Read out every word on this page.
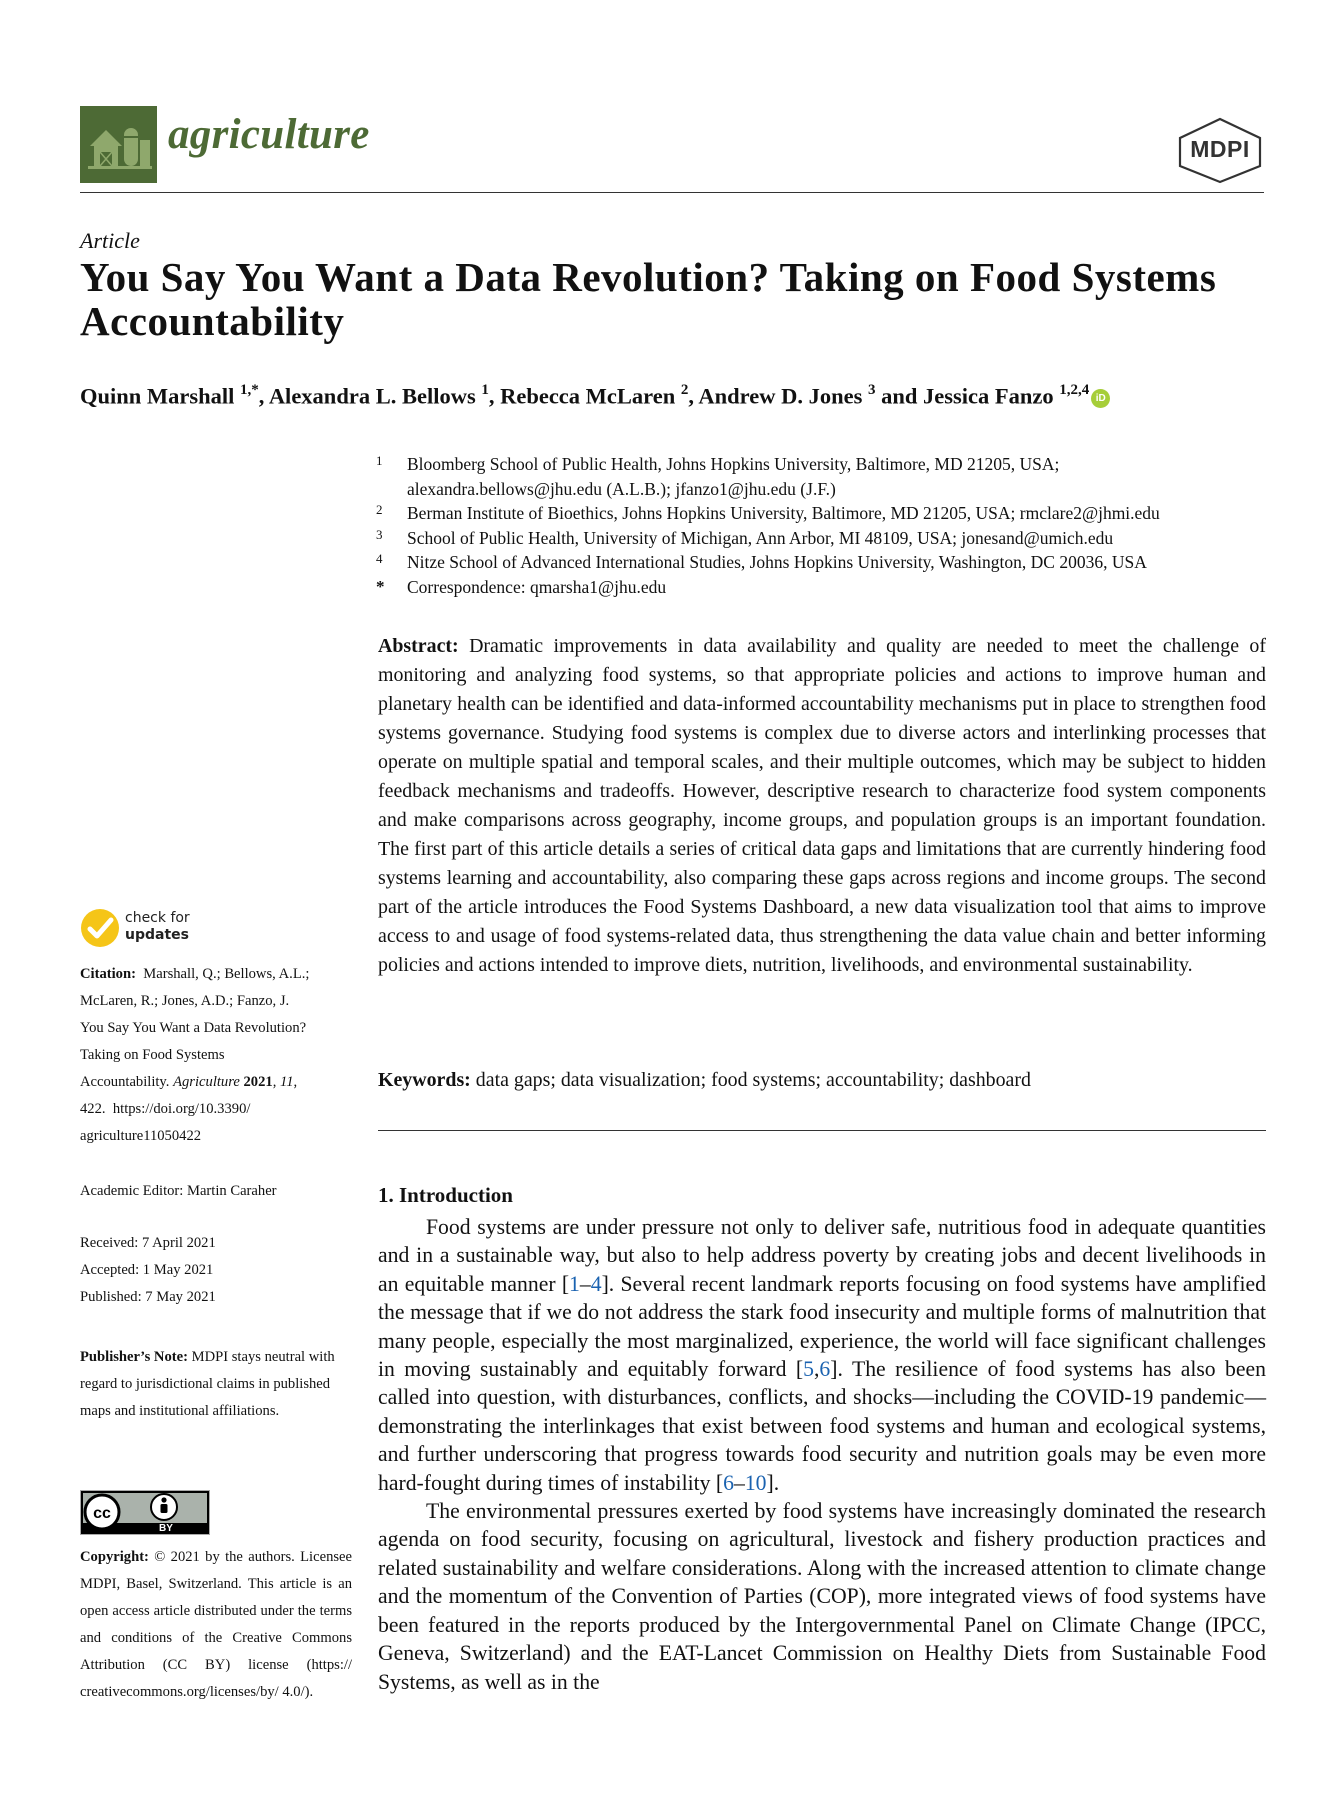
agriculture	MDPI
Article
You Say You Want a Data Revolution? Taking on Food Systems Accountability
Quinn Marshall $^{1,*}$, Alexandra L. Bellows $^1$, Rebecca McLaren $^2$, Andrew D. Jones $^3$ and Jessica Fanzo $^{1,2,4}$ iD
1	Bloomberg School of Public Health, Johns Hopkins University, Baltimore, MD 21205, USA;
alexandra.bellows@jhu.edu (A.L.B.); jfanzo1@jhu.edu (J.F.)
2	Berman Institute of Bioethics, Johns Hopkins University, Baltimore, MD 21205, USA; rmclare2@jhmi.edu
3	School of Public Health, University of Michigan, Ann Arbor, MI 48109, USA; jonesand@umich.edu
4	Nitze School of Advanced International Studies, Johns Hopkins University, Washington, DC 20036, USA
*	Correspondence: qmarsha1@jhu.edu
Abstract: Dramatic improvements in data availability and quality are needed to meet the challenge of monitoring and analyzing food systems, so that appropriate policies and actions to improve human and planetary health can be identified and data-informed accountability mechanisms put in place to strengthen food systems governance. Studying food systems is complex due to diverse actors and interlinking processes that operate on multiple spatial and temporal scales, and their multiple outcomes, which may be subject to hidden feedback mechanisms and tradeoffs. However, descriptive research to characterize food system components and make comparisons across geography, income groups, and population groups is an important foundation. The first part of this article details a series of critical data gaps and limitations that are currently hindering food systems learning and accountability, also comparing these gaps across regions and income groups. The second part of the article introduces the Food Systems Dashboard, a new data visualization tool that aims to improve access to and usage of food systems-related data, thus strengthening the data value chain and better informing policies and actions intended to improve diets, nutrition, livelihoods, and environmental sustainability.
Keywords: data gaps; data visualization; food systems; accountability; dashboard
1. Introduction

Food systems are under pressure not only to deliver safe, nutritious food in adequate quantities and in a sustainable way, but also to help address poverty by creating jobs and decent livelihoods in an equitable manner [1–4]. Several recent landmark reports focusing on food systems have amplified the message that if we do not address the stark food insecurity and multiple forms of malnutrition that many people, especially the most marginalized, experience, the world will face significant challenges in moving sustainably and equitably forward [5,6]. The resilience of food systems has also been called into question, with disturbances, conflicts, and shocks—including the COVID-19 pandemic—demonstrating the interlinkages that exist between food systems and human and ecological systems, and further underscoring that progress towards food security and nutrition goals may be even more hard-fought during times of instability [6–10].

The environmental pressures exerted by food systems have increasingly dominated the research agenda on food security, focusing on agricultural, livestock and fishery production practices and related sustainability and welfare considerations. Along with the increased attention to climate change and the momentum of the Convention of Parties (COP), more integrated views of food systems have been featured in the reports produced by the Intergovernmental Panel on Climate Change (IPCC, Geneva, Switzerland) and the EAT-Lancet Commission on Healthy Diets from Sustainable Food Systems, as well as in the

check for
updates
Citation: Marshall, Q.; Bellows, A.L.;
McLaren, R.; Jones, A.D.; Fanzo, J.
You Say You Want a Data Revolution?
Taking on Food Systems
Accountability. Agriculture 2021, 11,
422. https://doi.org/10.3390/
agriculture11050422
Academic Editor: Martin Caraher
Received: 7 April 2021
Accepted: 1 May 2021
Published: 7 May 2021
Publisher’s Note: MDPI stays neutral with regard to jurisdictional claims in published maps and institutional affiliations.
cc
BY
Copyright: © 2021 by the authors. Licensee MDPI, Basel, Switzerland. This article is an open access article distributed under the terms and conditions of the Creative Commons Attribution (CC BY) license (https:// creativecommons.org/licenses/by/ 4.0/).
